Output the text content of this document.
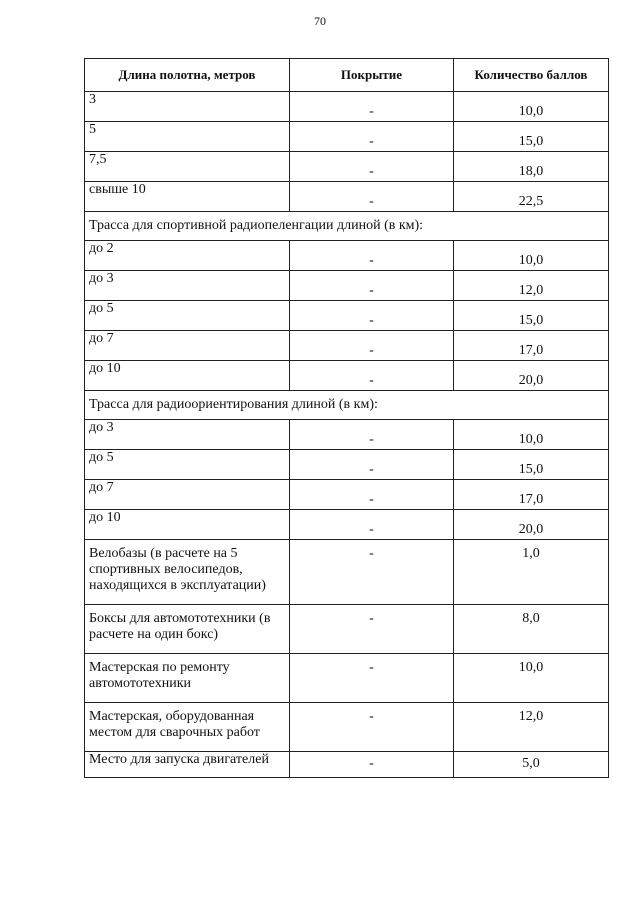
70
Длина полотна, метров	Покрытие	Количество баллов
3	-	10,0
5	-	15,0
7,5	-	18,0
свыше 10	-	22,5
Трасса для спортивной радиопеленгации длиной (в км):		
до 2	-	10,0
до 3	-	12,0
до 5	-	15,0
до 7	-	17,0
до 10	-	20,0
Трасса для радиоориентирования длиной (в км):		
до 3	-	10,0
до 5	-	15,0
до 7	-	17,0
до 10	-	20,0
Велобазы (в расчете на 5 спортивных велосипедов, находящихся в эксплуатации)	-	1,0
Боксы для автомототехники (в расчете на один бокс)	-	8,0
Мастерская по ремонту автомототехники	-	10,0
Мастерская, оборудованная местом для сварочных работ	-	12,0
Место для запуска двигателей	-	5,0
